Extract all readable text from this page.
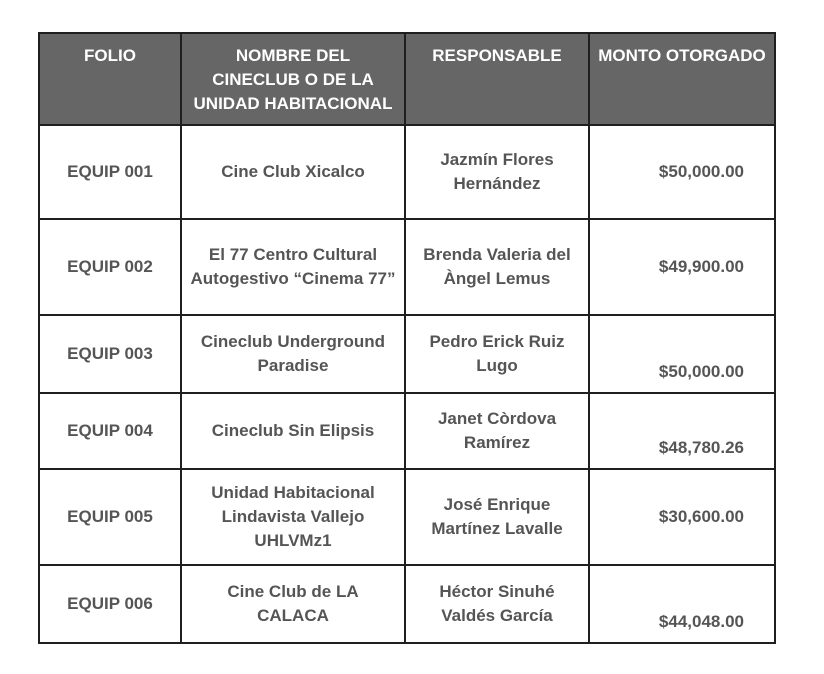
FOLIO	NOMBRE DEL CINECLUB O DE LA UNIDAD HABITACIONAL	RESPONSABLE	MONTO OTORGADO
EQUIP 001	Cine Club Xicalco	Jazmín Flores Hernández	$50,000.00
EQUIP 002	El 77 Centro Cultural Autogestivo “Cinema 77”	Brenda Valeria del Àngel Lemus	$49,900.00
EQUIP 003	Cineclub Underground Paradise	Pedro Erick Ruiz Lugo	$50,000.00
EQUIP 004	Cineclub Sin Elipsis	Janet Còrdova Ramírez	$48,780.26
EQUIP 005	Unidad Habitacional Lindavista Vallejo UHLVMz1	José Enrique Martínez Lavalle	$30,600.00
EQUIP 006	Cine Club de LA CALACA	Héctor Sinuhé Valdés García	$44,048.00
